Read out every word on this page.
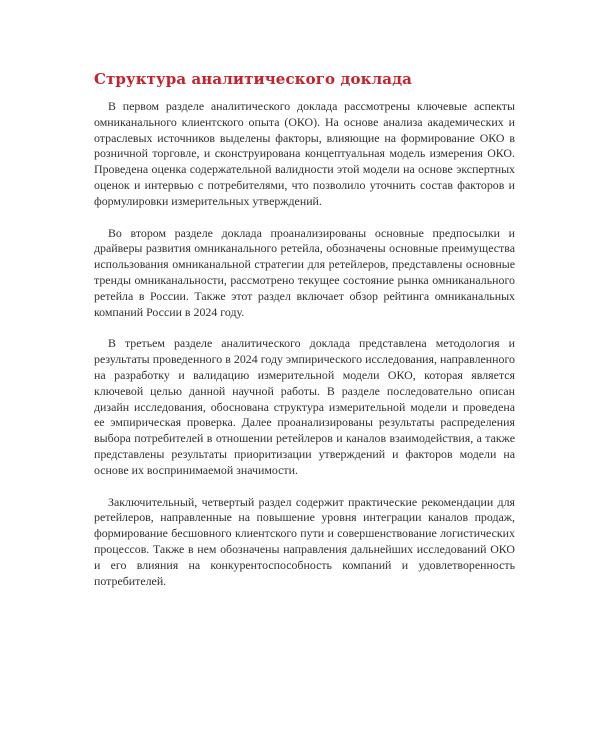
Структура аналитического доклада

В первом разделе аналитического доклада рассмотрены ключевые аспекты омниканального клиентского опыта (ОКО). На основе анализа академических и отраслевых источников выделены факторы, влияющие на формирование ОКО в розничной торговле, и сконструирована концептуальная модель измерения ОКО. Проведена оценка содержательной валидности этой модели на основе экспертных оценок и интервью с потребителями, что позволило уточнить состав факторов и формулировки измерительных утверждений.

Во втором разделе доклада проанализированы основные предпосылки и драйверы развития омниканального ретейла, обозначены основные преимущества использования омниканальной стратегии для ретейлеров, представлены основные тренды омниканальности, рассмотрено текущее состояние рынка омниканального ретейла в России. Также этот раздел включает обзор рейтинга омниканальных компаний России в 2024 году.

В третьем разделе аналитического доклада представлена методология и результаты проведенного в 2024 году эмпирического исследования, направленного на разработку и валидацию измерительной модели ОКО, которая является ключевой целью данной научной работы. В разделе последовательно описан дизайн исследования, обоснована структура измерительной модели и проведена ее эмпирическая проверка. Далее проанализированы результаты распределения выбора потребителей в отношении ретейлеров и каналов взаимодействия, а также представлены результаты приоритизации утверждений и факторов модели на основе их воспринимаемой значимости.

Заключительный, четвертый раздел содержит практические рекомендации для ретейлеров, направленные на повышение уровня интеграции каналов продаж, формирование бесшовного клиентского пути и совершенствование логистических процессов. Также в нем обозначены направления дальнейших исследований ОКО и его влияния на конкурентоспособность компаний и удовлетворенность потребителей.
